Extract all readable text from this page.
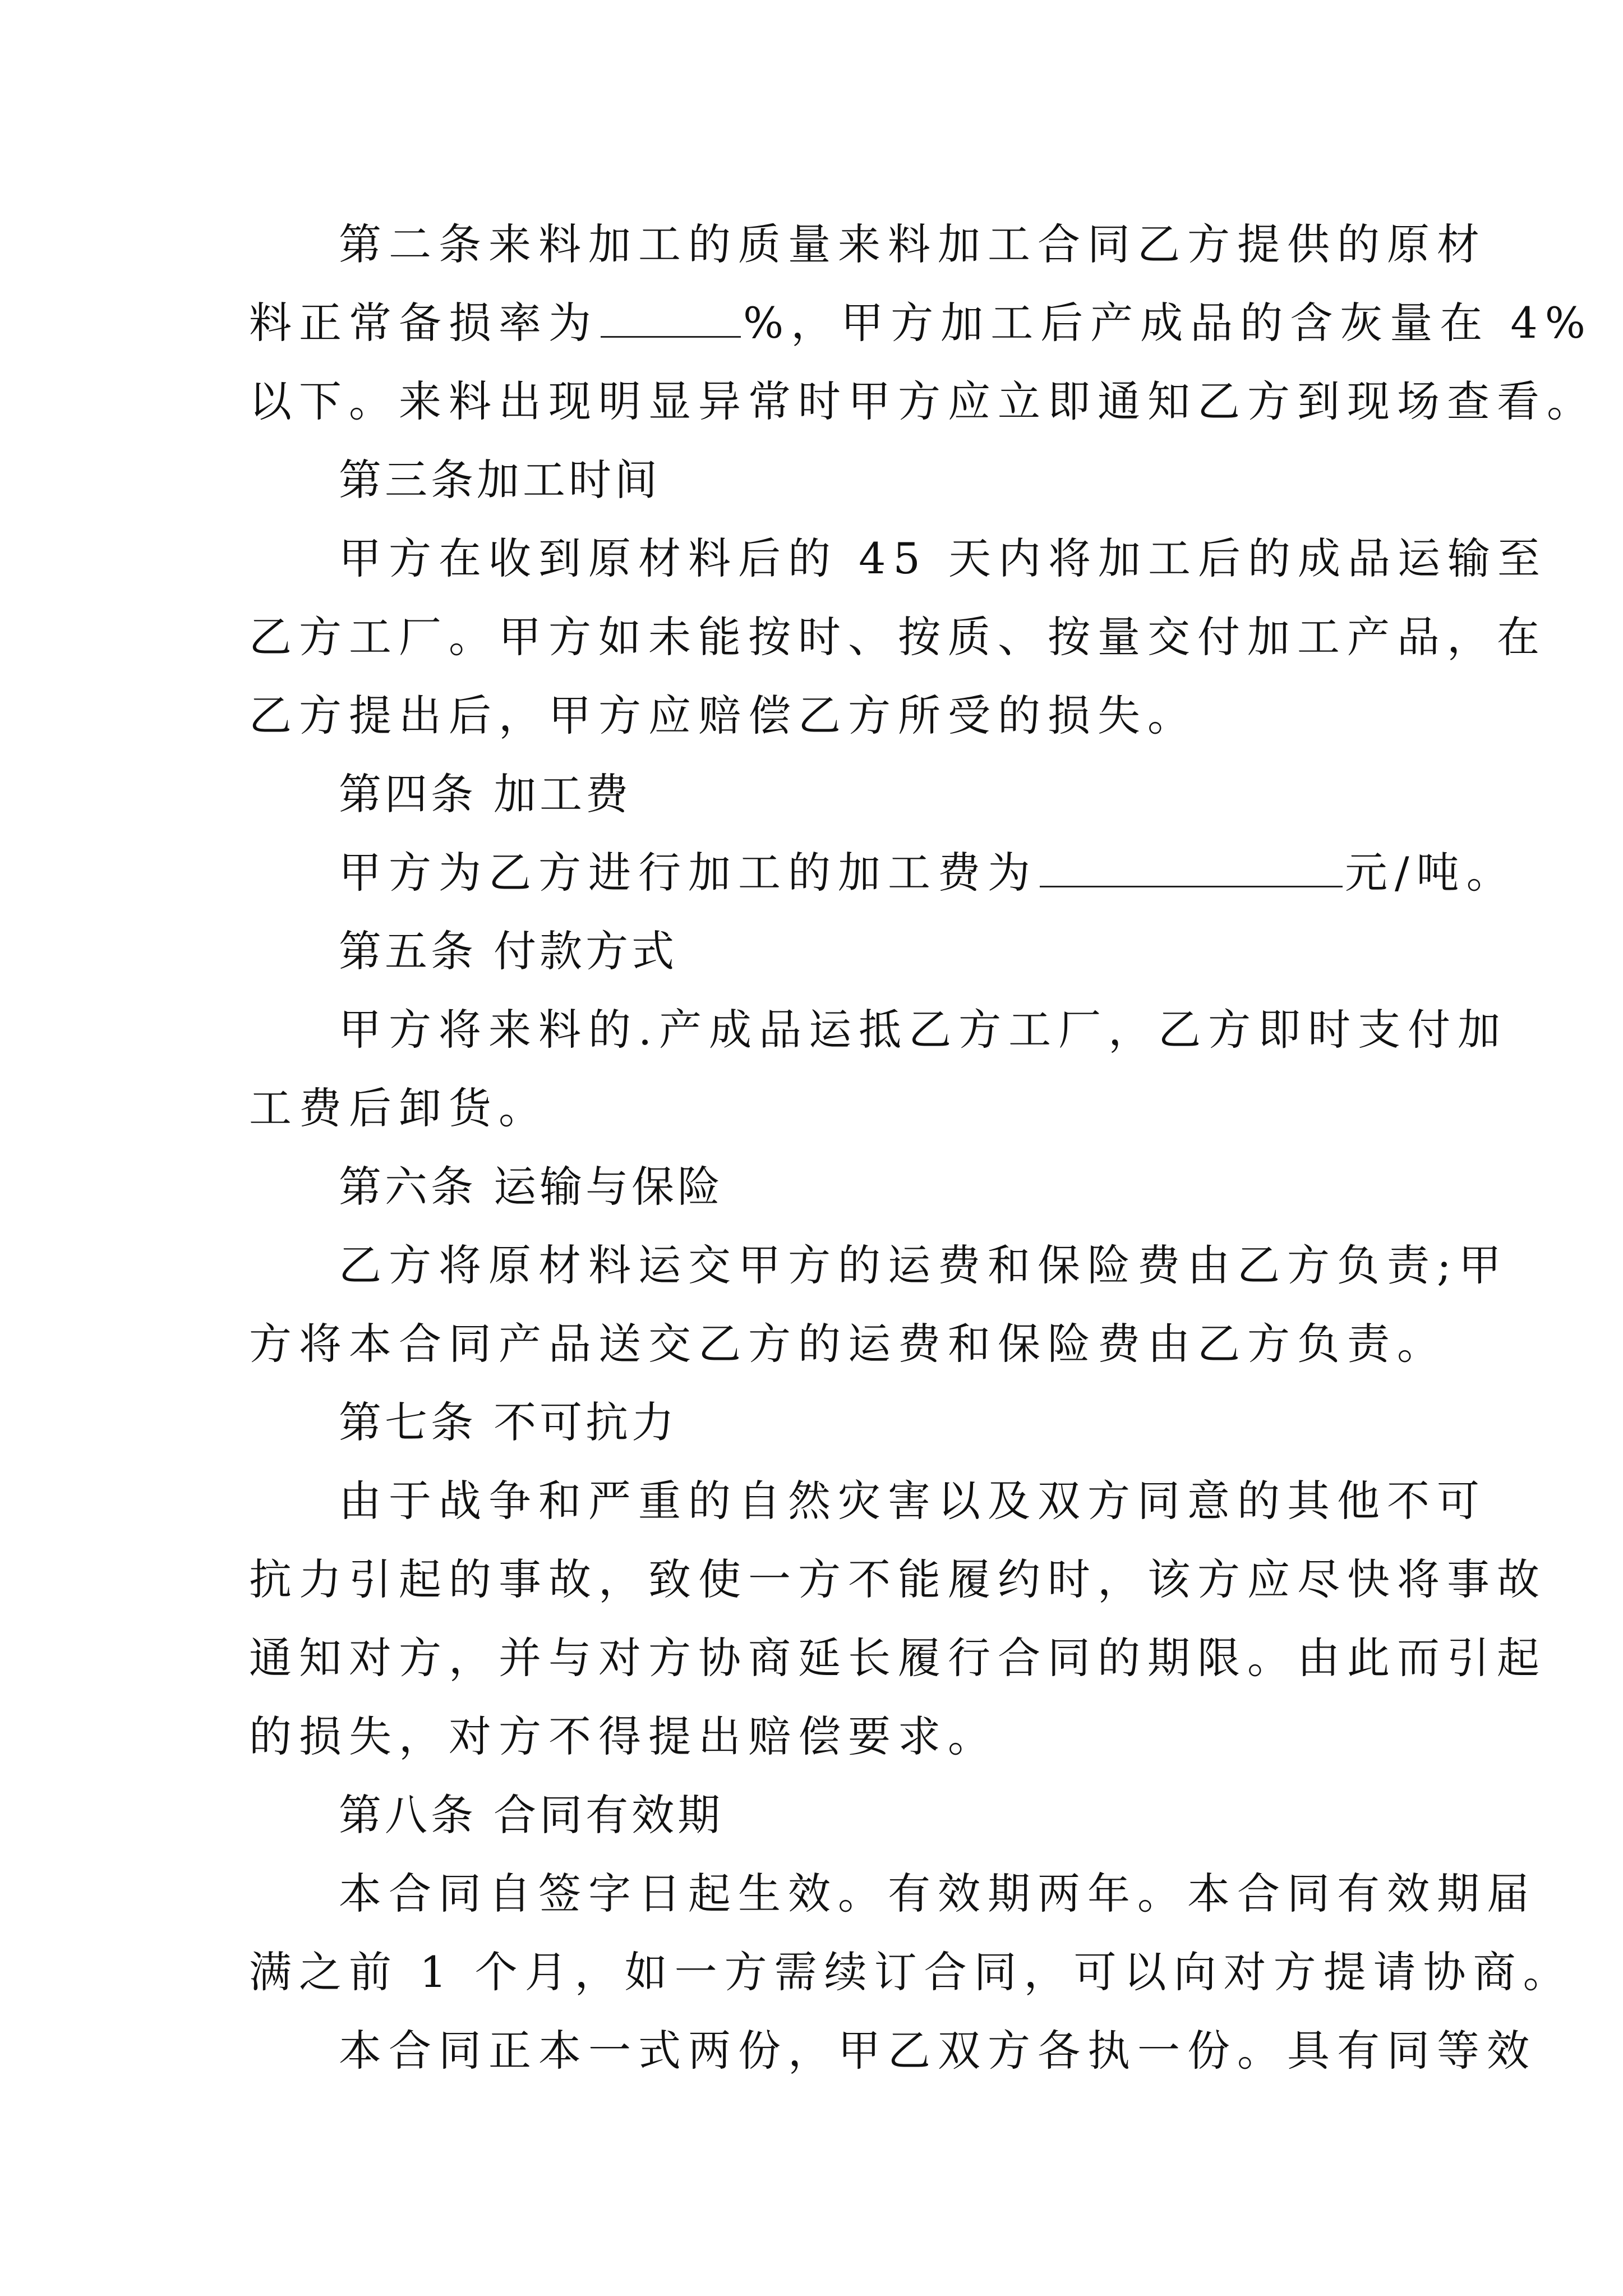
第二条来料加工的质量来料加工合同乙方提供的原材
料正常备损率为	%，甲方加工后产成品的含灰量在 4%
以下。来料出现明显异常时甲方应立即通知乙方到现场查看。
第三条加工时间
甲方在收到原材料后的 45 天内将加工后的成品运输至
乙方工厂。甲方如未能按时、按质、按量交付加工产品，在
乙方提出后，甲方应赔偿乙方所受的损失。
第四条 加工费
甲方为乙方进行加工的加工费为	元/吨。
第五条 付款方式
甲方将来料的.产成品运抵乙方工厂，乙方即时支付加
工费后卸货。
第六条 运输与保险
乙方将原材料运交甲方的运费和保险费由乙方负责;甲
方将本合同产品送交乙方的运费和保险费由乙方负责。
第七条 不可抗力
由于战争和严重的自然灾害以及双方同意的其他不可
抗力引起的事故，致使一方不能履约时，该方应尽快将事故
通知对方，并与对方协商延长履行合同的期限。由此而引起
的损失，对方不得提出赔偿要求。
第八条 合同有效期
本合同自签字日起生效。有效期两年。本合同有效期届
满之前 1 个月，如一方需续订合同，可以向对方提请协商。
本合同正本一式两份，甲乙双方各执一份。具有同等效
